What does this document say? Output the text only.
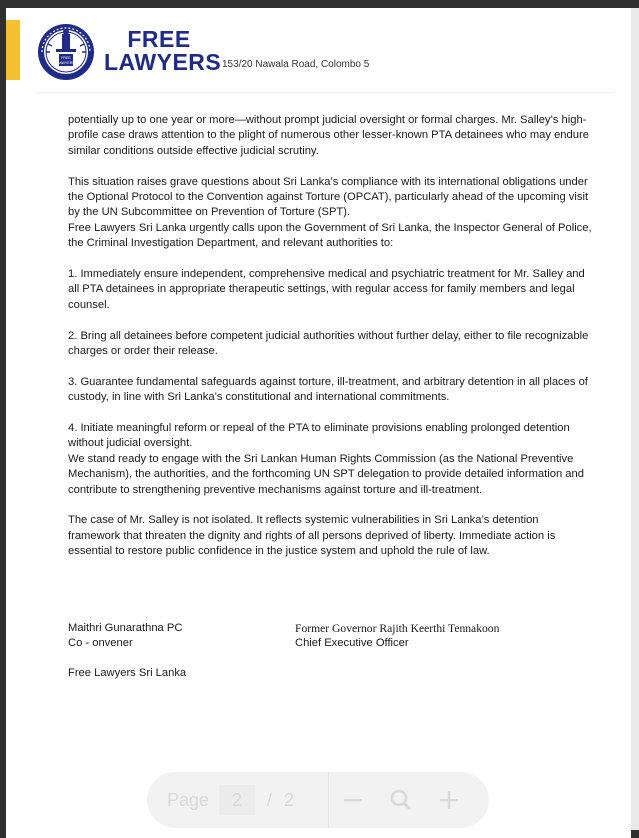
FREE
LAWYERS
FREE
LAWYERS 153/20 Nawala Road, Colombo 5

potentially up to one year or more—without prompt judicial oversight or formal charges. Mr. Salley’s high-profile case draws attention to the plight of numerous other lesser-known PTA detainees who may endure similar conditions outside effective judicial scrutiny.

This situation raises grave questions about Sri Lanka’s compliance with its international obligations under the Optional Protocol to the Convention against Torture (OPCAT), particularly ahead of the upcoming visit by the UN Subcommittee on Prevention of Torture (SPT).

Free Lawyers Sri Lanka urgently calls upon the Government of Sri Lanka, the Inspector General of Police, the Criminal Investigation Department, and relevant authorities to:

1. Immediately ensure independent, comprehensive medical and psychiatric treatment for Mr. Salley and all PTA detainees in appropriate therapeutic settings, with regular access for family members and legal counsel.

2. Bring all detainees before competent judicial authorities without further delay, either to file recognizable charges or order their release.

3. Guarantee fundamental safeguards against torture, ill-treatment, and arbitrary detention in all places of custody, in line with Sri Lanka’s constitutional and international commitments.

4. Initiate meaningful reform or repeal of the PTA to eliminate provisions enabling prolonged detention without judicial oversight.

We stand ready to engage with the Sri Lankan Human Rights Commission (as the National Preventive Mechanism), the authorities, and the forthcoming UN SPT delegation to provide detailed information and contribute to strengthening preventive mechanisms against torture and ill-treatment.

The case of Mr. Salley is not isolated. It reflects systemic vulnerabilities in Sri Lanka’s detention framework that threaten the dignity and rights of all persons deprived of liberty. Immediate action is essential to restore public confidence in the justice system and uphold the rule of law.

Maithri Gunarathna PC
Co - onvener
Former Governor Rajith Keerthi Tennakoon
Chief Executive Officer
Free Lawyers Sri Lanka
Page	2	/ 2
